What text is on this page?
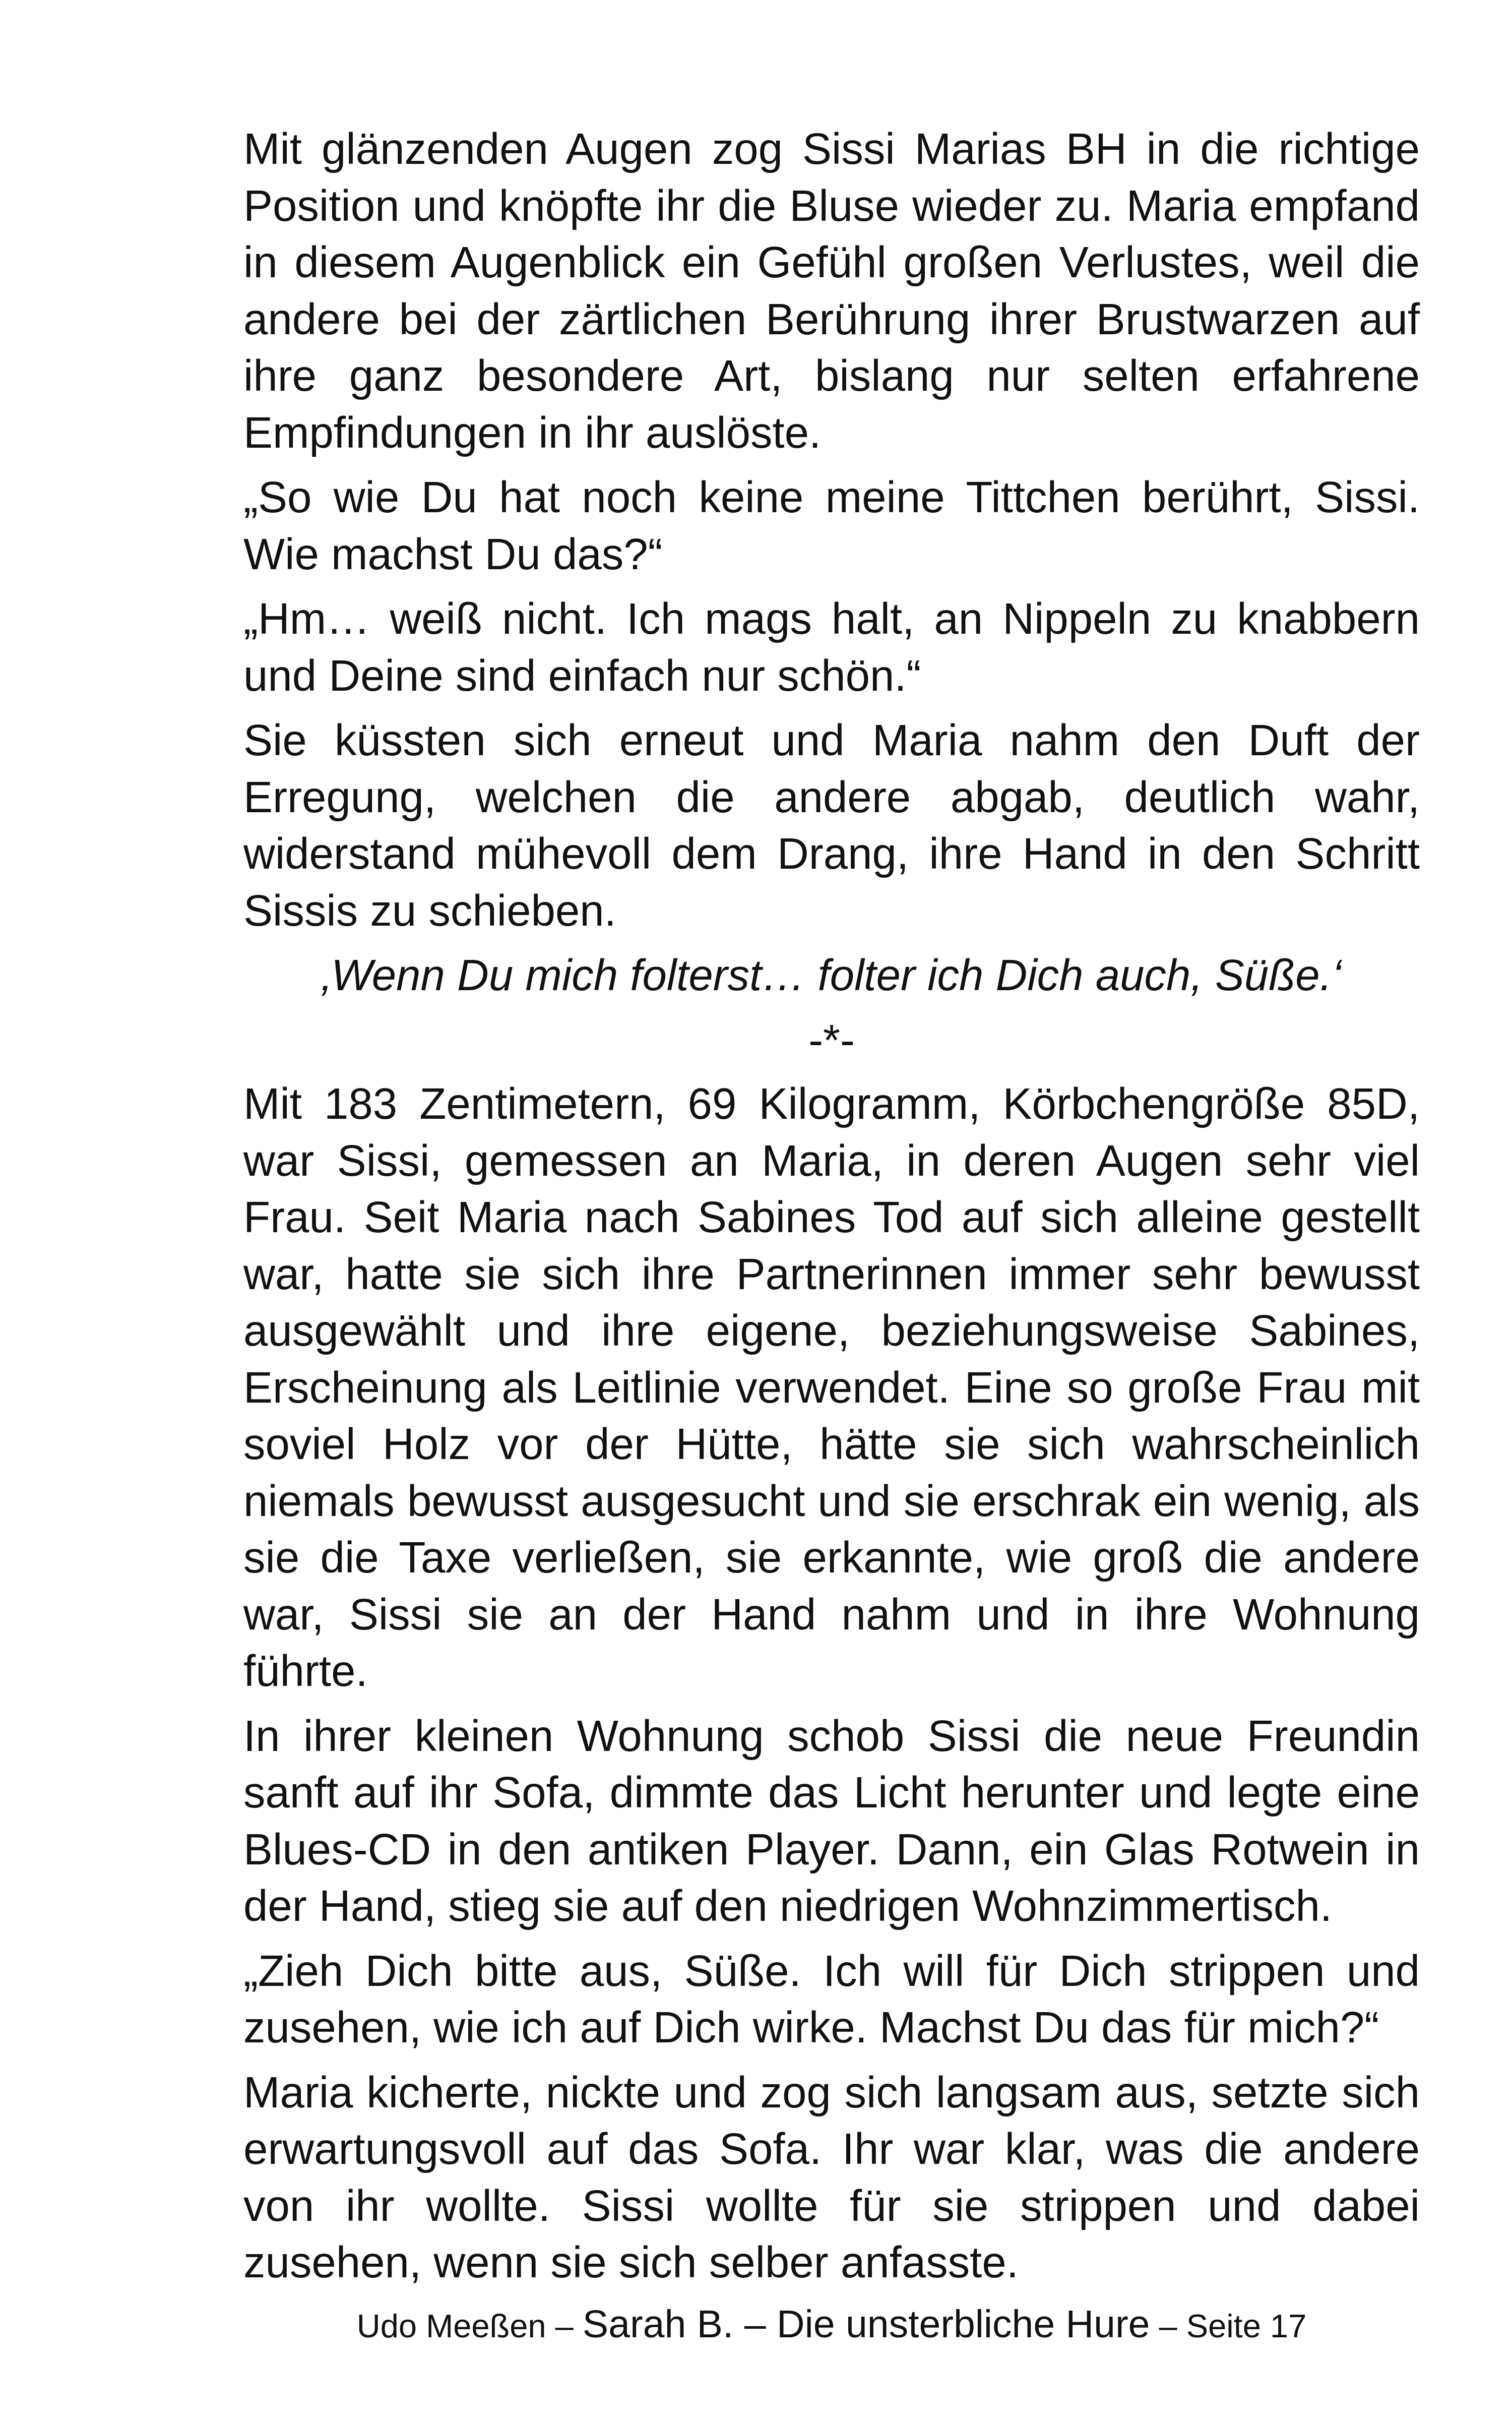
Mit glänzenden Augen zog Sissi Marias BH in die richtige Position und knöpfte ihr die Bluse wieder zu. Maria empfand in diesem Augenblick ein Gefühl großen Verlustes, weil die andere bei der zärtlichen Berührung ihrer Brustwarzen auf ihre ganz besondere Art, bislang nur selten erfahrene Empfindungen in ihr auslöste.

„So wie Du hat noch keine meine Tittchen berührt, Sissi. Wie machst Du das?“

„Hm… weiß nicht. Ich mags halt, an Nippeln zu knabbern und Deine sind einfach nur schön.“

Sie küssten sich erneut und Maria nahm den Duft der Erregung, welchen die andere abgab, deutlich wahr, widerstand mühevoll dem Drang, ihre Hand in den Schritt Sissis zu schieben.

‚Wenn Du mich folterst… folter ich Dich auch, Süße.‘

-*-

Mit 183 Zentimetern, 69 Kilogramm, Körbchengröße 85D, war Sissi, gemessen an Maria, in deren Augen sehr viel Frau. Seit Maria nach Sabines Tod auf sich alleine gestellt war, hatte sie sich ihre Partnerinnen immer sehr bewusst ausgewählt und ihre eigene, beziehungsweise Sabines, Erscheinung als Leitlinie verwendet. Eine so große Frau mit soviel Holz vor der Hütte, hätte sie sich wahrscheinlich niemals bewusst ausgesucht und sie erschrak ein wenig, als sie die Taxe verließen, sie erkannte, wie groß die andere war, Sissi sie an der Hand nahm und in ihre Wohnung führte.

In ihrer kleinen Wohnung schob Sissi die neue Freundin sanft auf ihr Sofa, dimmte das Licht herunter und legte eine Blues-CD in den antiken Player. Dann, ein Glas Rotwein in der Hand, stieg sie auf den niedrigen Wohnzimmertisch.

„Zieh Dich bitte aus, Süße. Ich will für Dich strippen und zusehen, wie ich auf Dich wirke. Machst Du das für mich?“

Maria kicherte, nickte und zog sich langsam aus, setzte sich erwartungsvoll auf das Sofa. Ihr war klar, was die andere von ihr wollte. Sissi wollte für sie strippen und dabei zusehen, wenn sie sich selber anfasste.

Udo Meeßen – Sarah B. – Die unsterbliche Hure – Seite 17
